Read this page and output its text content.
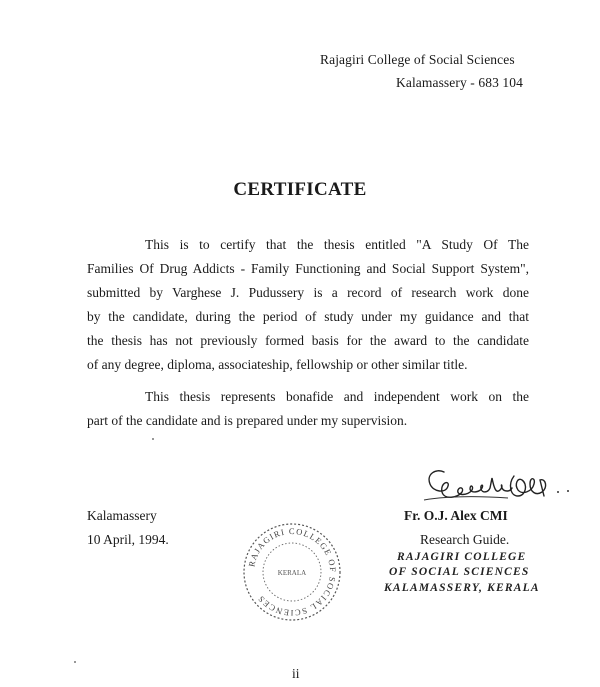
Rajagiri College of Social Sciences
Kalamassery - 683 104
CERTIFICATE
This is to certify that the thesis entitled "A Study Of The
Families Of Drug Addicts - Family Functioning and Social Support System",
submitted by Varghese J. Pudussery is a record of research work done
by the candidate, during the period of study under my guidance and that
the thesis has not previously formed basis for the award to the candidate
of any degree, diploma, associateship, fellowship or other similar title.
This thesis represents bonafide and independent work on the
part of the candidate and is prepared under my supervision.
Kalamassery
10 April, 1994.
Fr. O.J. Alex CMI
Research Guide.
RAJAGIRI COLLEGE
OF SOCIAL SCIENCES
KALAMASSERY, KERALA
RAJAGIRI COLLEGE OF SOCIAL SCIENCES
KERALA
ii
